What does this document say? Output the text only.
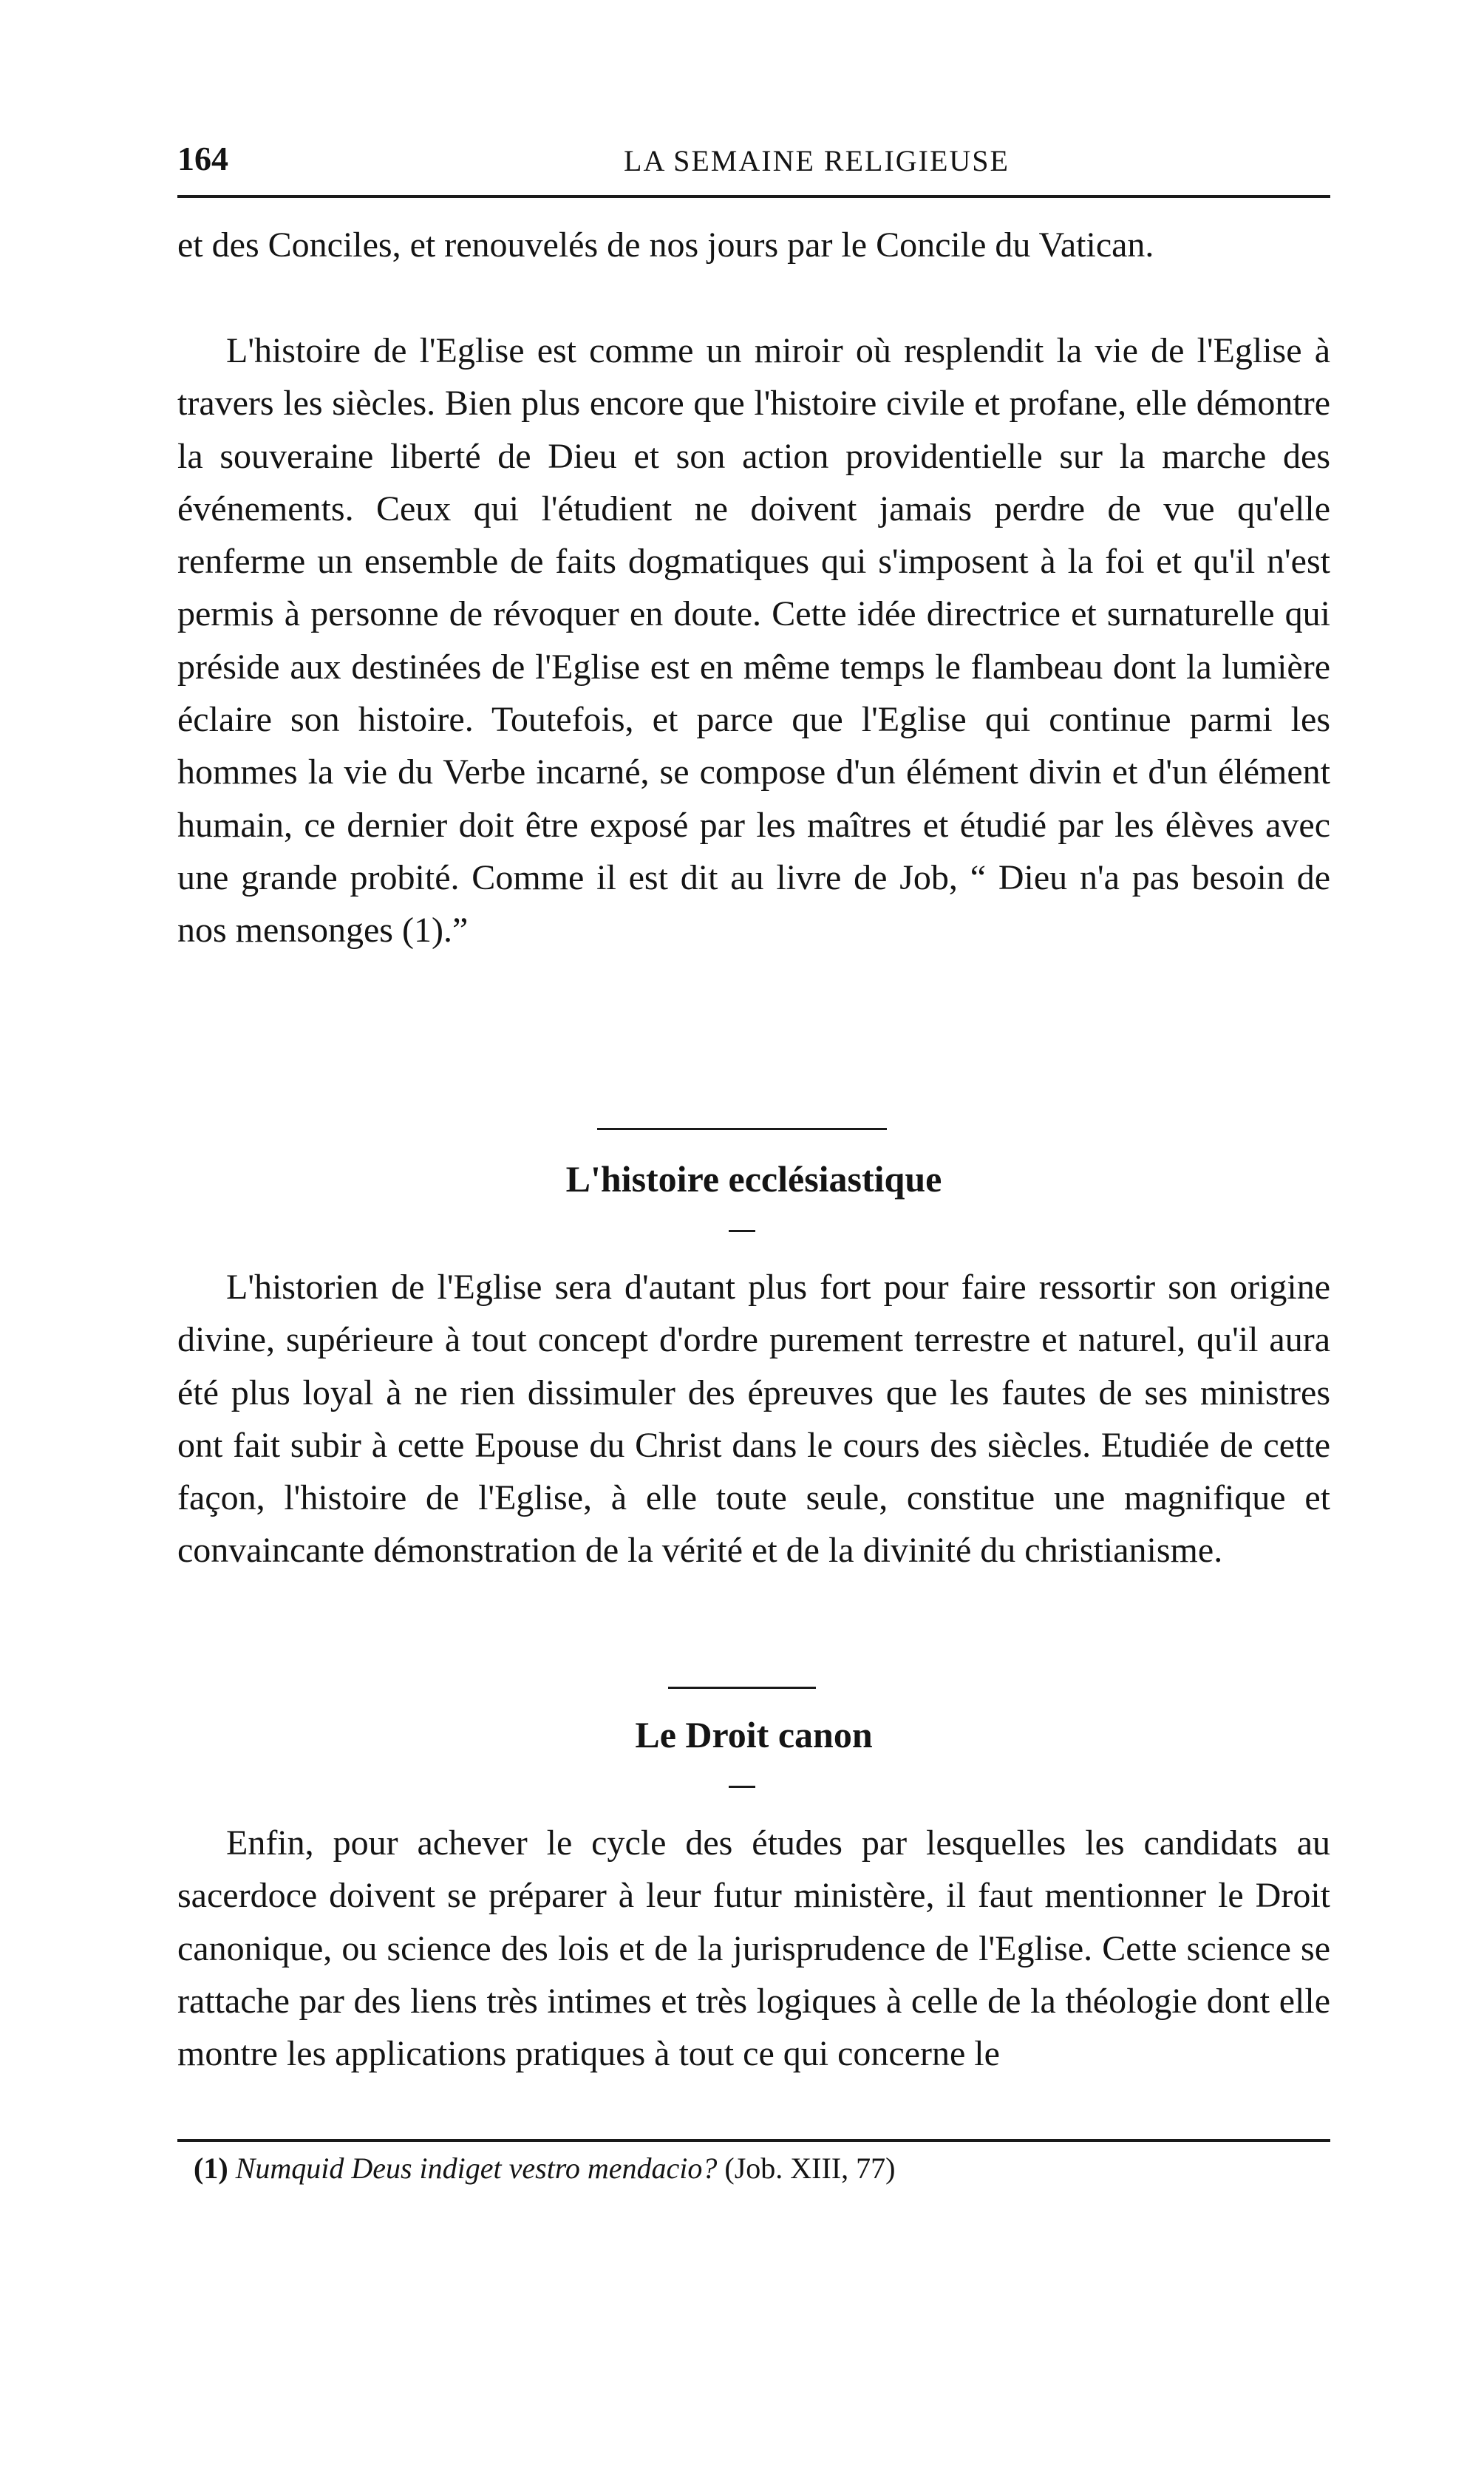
164	LA SEMAINE RELIGIEUSE

et des Conciles, et renouvelés de nos jours par le Concile du Vatican.

L'histoire de l'Eglise est comme un miroir où resplendit la vie de l'Eglise à travers les siècles. Bien plus encore que l'histoire civile et profane, elle démontre la souveraine liberté de Dieu et son action providentielle sur la marche des événements. Ceux qui l'étudient ne doivent jamais perdre de vue qu'elle renferme un ensemble de faits dogmatiques qui s'imposent à la foi et qu'il n'est permis à personne de révoquer en doute. Cette idée directrice et surnaturelle qui préside aux destinées de l'Eglise est en même temps le flambeau dont la lumière éclaire son histoire. Toutefois, et parce que l'Eglise qui continue parmi les hommes la vie du Verbe incarné, se compose d'un élément divin et d'un élément humain, ce dernier doit être exposé par les maîtres et étudié par les élèves avec une grande probité. Comme il est dit au livre de Job, “ Dieu n'a pas besoin de nos mensonges (1).”

L'histoire ecclésiastique

L'historien de l'Eglise sera d'autant plus fort pour faire ressortir son origine divine, supérieure à tout concept d'ordre purement terrestre et naturel, qu'il aura été plus loyal à ne rien dissimuler des épreuves que les fautes de ses ministres ont fait subir à cette Epouse du Christ dans le cours des siècles. Etudiée de cette façon, l'histoire de l'Eglise, à elle toute seule, constitue une magnifique et convaincante démonstration de la vérité et de la divinité du christianisme.

Le Droit canon

Enfin, pour achever le cycle des études par lesquelles les candidats au sacerdoce doivent se préparer à leur futur ministère, il faut mentionner le Droit canonique, ou science des lois et de la jurisprudence de l'Eglise. Cette science se rattache par des liens très intimes et très logiques à celle de la théologie dont elle montre les applications pratiques à tout ce qui concerne le

(1) Numquid Deus indiget vestro mendacio? (Job. XIII, 77)
